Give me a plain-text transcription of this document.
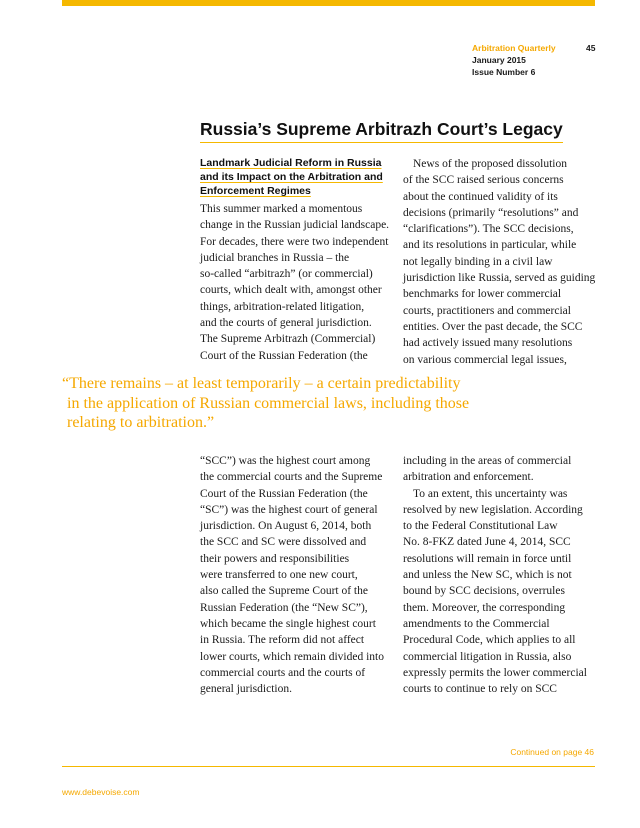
Arbitration Quarterly
January 2015
Issue Number 6
45
Russia’s Supreme Arbitrazh Court’s Legacy
Landmark Judicial Reform in Russia and its Impact on the Arbitration and Enforcement Regimes

This summer marked a momentous

change in the Russian judicial landscape.

For decades, there were two independent

judicial branches in Russia – the

so-called “arbitrazh” (or commercial)

courts, which dealt with, amongst other

things, arbitration-related litigation,

and the courts of general jurisdiction.

The Supreme Arbitrazh (Commercial)

Court of the Russian Federation (the

News of the proposed dissolution

of the SCC raised serious concerns

about the continued validity of its

decisions (primarily “resolutions” and

“clarifications”). The SCC decisions,

and its resolutions in particular, while

not legally binding in a civil law

jurisdiction like Russia, served as guiding

benchmarks for lower commercial

courts, practitioners and commercial

entities. Over the past decade, the SCC

had actively issued many resolutions

on various commercial legal issues,

“There remains – at least temporarily – a certain predictability
in the application of Russian commercial laws, including those
relating to arbitration.”

“SCC”) was the highest court among

the commercial courts and the Supreme

Court of the Russian Federation (the

“SC”) was the highest court of general

jurisdiction. On August 6, 2014, both

the SCC and SC were dissolved and

their powers and responsibilities

were transferred to one new court,

also called the Supreme Court of the

Russian Federation (the “New SC”),

which became the single highest court

in Russia. The reform did not affect

lower courts, which remain divided into

commercial courts and the courts of

general jurisdiction.

including in the areas of commercial

arbitration and enforcement.

To an extent, this uncertainty was

resolved by new legislation. According

to the Federal Constitutional Law

No. 8-FKZ dated June 4, 2014, SCC

resolutions will remain in force until

and unless the New SC, which is not

bound by SCC decisions, overrules

them. Moreover, the corresponding

amendments to the Commercial

Procedural Code, which applies to all

commercial litigation in Russia, also

expressly permits the lower commercial

courts to continue to rely on SCC

Continued on page 46
www.debevoise.com
